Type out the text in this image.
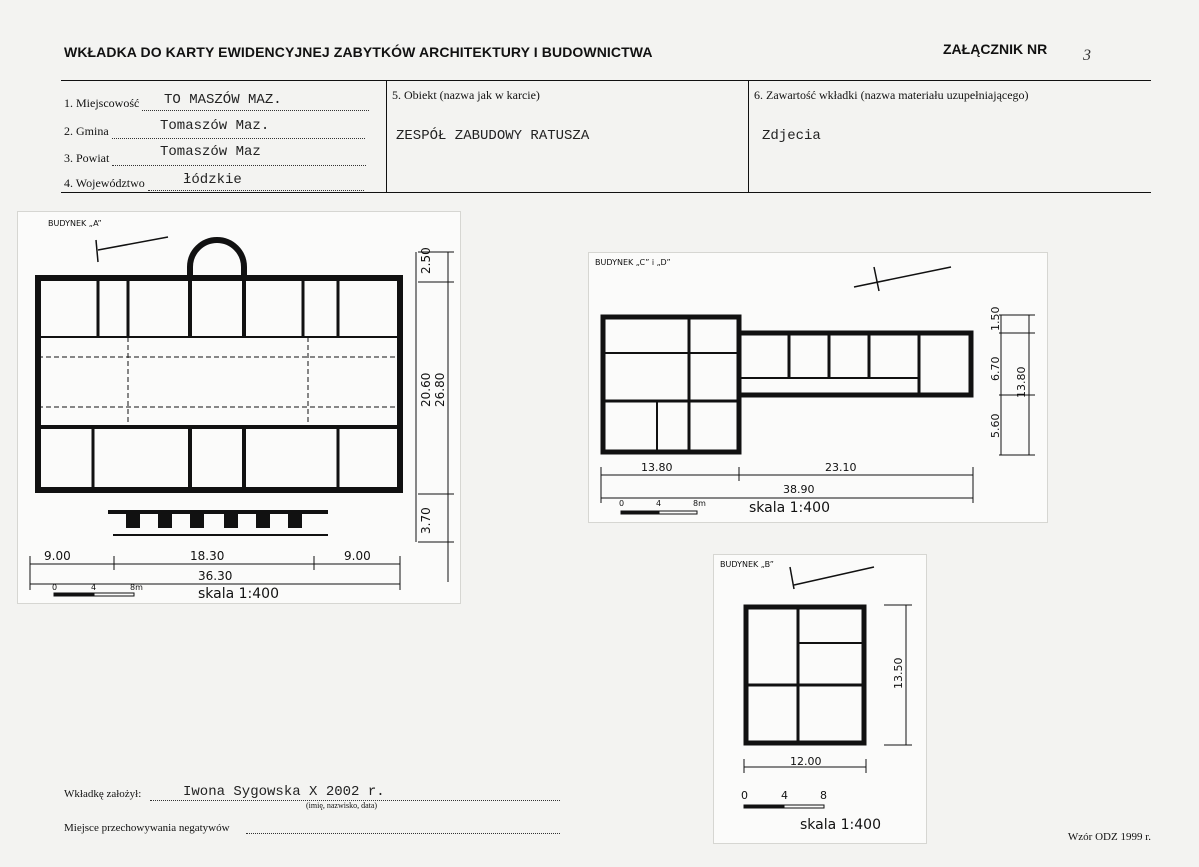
WKŁADKA DO KARTY EWIDENCYJNEJ ZABYTKÓW ARCHITEKTURY I BUDOWNICTWA	ZAŁĄCZNIK NR 3
1. Miejscowość	TO MASZÓW MAZ.
2. Gmina	Tomaszów Maz.
3. Powiat	Tomaszów Maz
4. Województwo	łódzkie
5. Obiekt (nazwa jak w karcie)
ZESPÓŁ ZABUDOWY RATUSZA
6. Zawartość wkładki (nazwa materiału uzupełniającego)
Zdjecia
BUDYNEK „A”
2.50
20.60 26.80
3.70
9.00	18.30	9.00
36.30
0	4	8m	skala 1:400
BUDYNEK „C” i „D”
1.50
6.70 13.80
5.60
13.80	23.10
38.90
0	4	8m	skala 1:400
BUDYNEK „B”
13.50
12.00
0	4	8
skala 1:400
Wkładkę założył:	Iwona Sygowska X 2002 r.
(imię, nazwisko, data)
Miejsce przechowywania negatywów
Wzór ODZ 1999 r.
